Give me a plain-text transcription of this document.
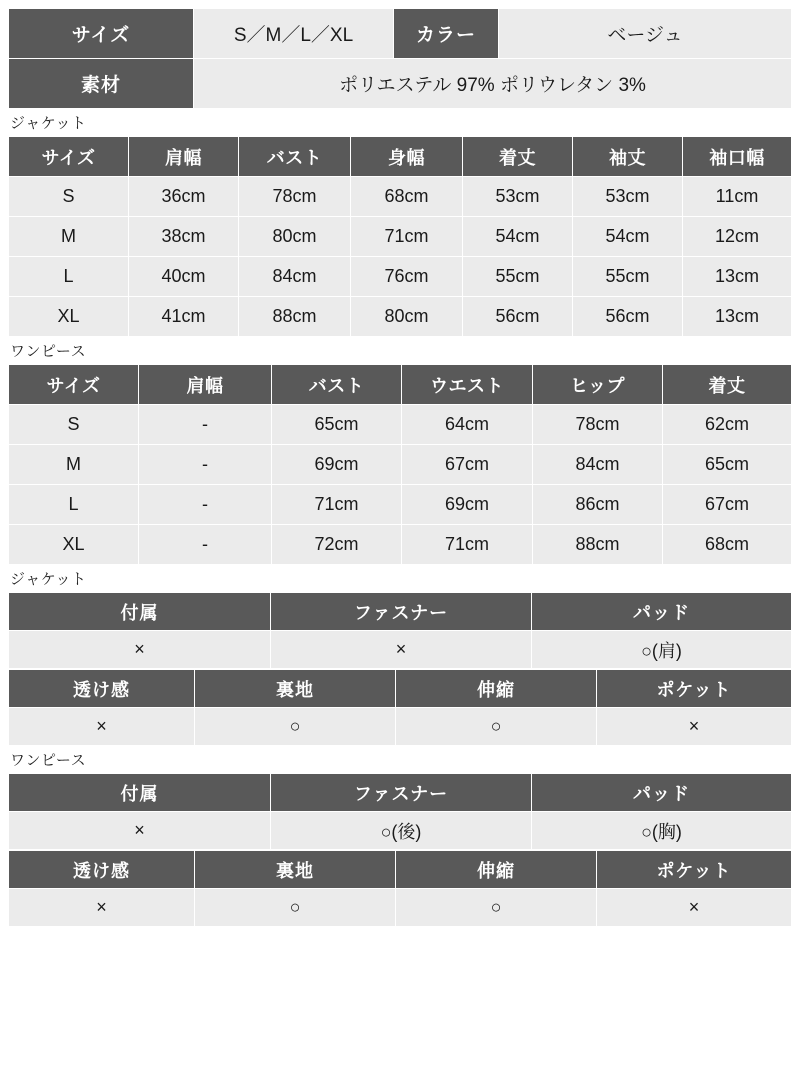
サイズ	S／M／L／XL	カラー	ベージュ
素材	ポリエステル 97% ポリウレタン 3%		
ジャケット
サイズ	肩幅	バスト	身幅	着丈	袖丈	袖口幅
S	36cm	78cm	68cm	53cm	53cm	11cm
M	38cm	80cm	71cm	54cm	54cm	12cm
L	40cm	84cm	76cm	55cm	55cm	13cm
XL	41cm	88cm	80cm	56cm	56cm	13cm
ワンピース
サイズ	肩幅	バスト	ウエスト	ヒップ	着丈
S	-	65cm	64cm	78cm	62cm
M	-	69cm	67cm	84cm	65cm
L	-	71cm	69cm	86cm	67cm
XL	-	72cm	71cm	88cm	68cm
ジャケット
付属	ファスナー	パッド
×	×	○(肩)
透け感	裏地	伸縮	ポケット
×	○	○	×
ワンピース
付属	ファスナー	パッド
×	○(後)	○(胸)
透け感	裏地	伸縮	ポケット
×	○	○	×
